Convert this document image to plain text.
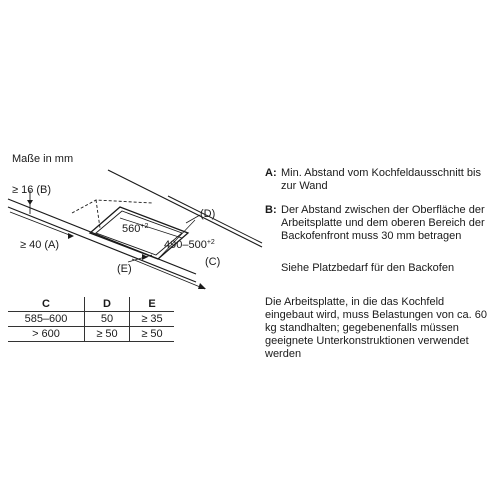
Maße in mm
≥ 16 (B)
≥ 40 (A)
$560^{+2}$
$490-500^{+2}$
(D)
(E)
(C)
A: Min. Abstand vom Kochfeldausschnitt bis zur Wand
B: Der Abstand zwischen der Oberfläche der Arbeitsplatte und dem oberen Bereich der Backofenfront muss 30 mm betragen
Siehe Platzbedarf für den Backofen
Die Arbeitsplatte, in die das Kochfeld eingebaut wird, muss Belastungen von ca. 60 kg standhalten; gegebenenfalls müssen geeignete Unterkonstruktionen verwendet werden
C	D	E
585–600	50	≥ 35
> 600	≥ 50	≥ 50
